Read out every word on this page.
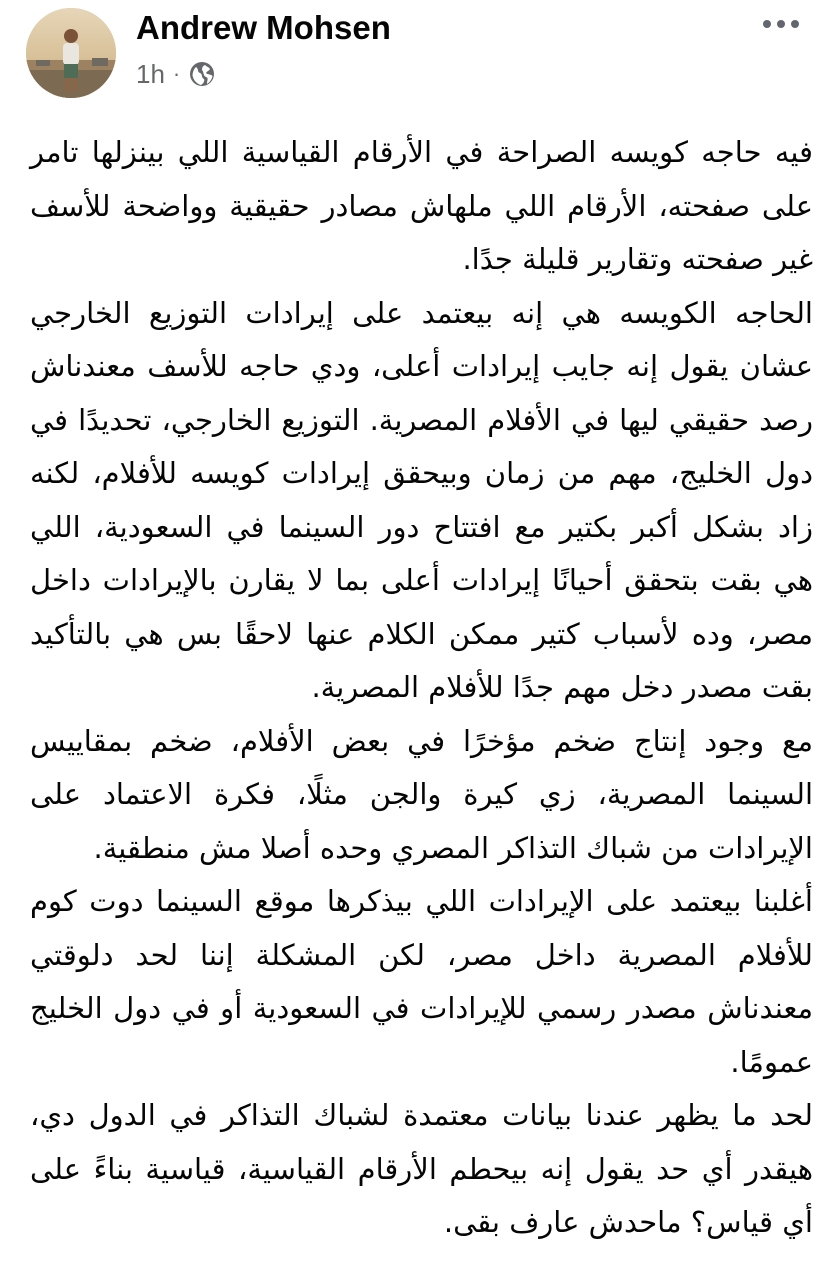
Andrew Mohsen
1h ·

فيه حاجه كويسه الصراحة في الأرقام القياسية اللي بينزلها تامر على صفحته، الأرقام اللي ملهاش مصادر حقيقية وواضحة للأسف غير صفحته وتقارير قليلة جدًا.

الحاجه الكويسه هي إنه بيعتمد على إيرادات التوزيع الخارجي عشان يقول إنه جايب إيرادات أعلى، ودي حاجه للأسف معندناش رصد حقيقي ليها في الأفلام المصرية. التوزيع الخارجي، تحديدًا في دول الخليج، مهم من زمان وبيحقق إيرادات كويسه للأفلام، لكنه زاد بشكل أكبر بكتير مع افتتاح دور السينما في السعودية، اللي هي بقت بتحقق أحيانًا إيرادات أعلى بما لا يقارن بالإيرادات داخل مصر، وده لأسباب كتير ممكن الكلام عنها لاحقًا بس هي بالتأكيد بقت مصدر دخل مهم جدًا للأفلام المصرية.

مع وجود إنتاج ضخم مؤخرًا في بعض الأفلام، ضخم بمقاييس السينما المصرية، زي كيرة والجن مثلًا، فكرة الاعتماد على الإيرادات من شباك التذاكر المصري وحده أصلا مش منطقية.

أغلبنا بيعتمد على الإيرادات اللي بيذكرها موقع السينما دوت كوم للأفلام المصرية داخل مصر، لكن المشكلة إننا لحد دلوقتي معندناش مصدر رسمي للإيرادات في السعودية أو في دول الخليج عمومًا.

لحد ما يظهر عندنا بيانات معتمدة لشباك التذاكر في الدول دي، هيقدر أي حد يقول إنه بيحطم الأرقام القياسية، قياسية بناءً على أي قياس؟ ماحدش عارف بقى.
